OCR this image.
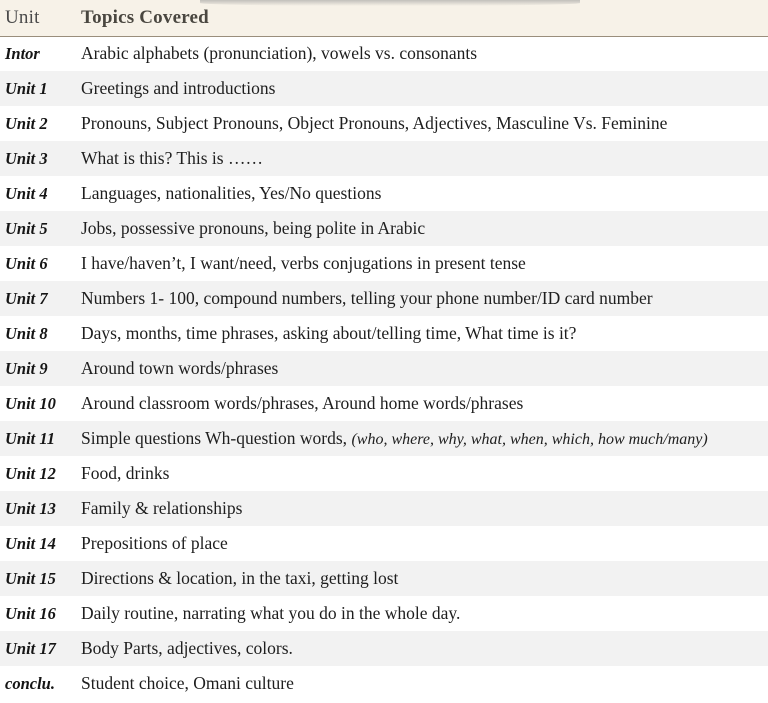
Unit	Topics Covered
Intor	Arabic alphabets (pronunciation), vowels vs. consonants
Unit 1	Greetings and introductions
Unit 2	Pronouns, Subject Pronouns, Object Pronouns, Adjectives, Masculine Vs. Feminine
Unit 3	What is this? This is ……
Unit 4	Languages, nationalities, Yes/No questions
Unit 5	Jobs, possessive pronouns, being polite in Arabic
Unit 6	I have/haven’t, I want/need, verbs conjugations in present tense
Unit 7	Numbers 1- 100, compound numbers, telling your phone number/ID card number
Unit 8	Days, months, time phrases, asking about/telling time, What time is it?
Unit 9	Around town words/phrases
Unit 10	Around classroom words/phrases, Around home words/phrases
Unit 11	Simple questions Wh-question words, (who, where, why, what, when, which, how much/many)
Unit 12	Food, drinks
Unit 13	Family & relationships
Unit 14	Prepositions of place
Unit 15	Directions & location, in the taxi, getting lost
Unit 16	Daily routine, narrating what you do in the whole day.
Unit 17	Body Parts, adjectives, colors.
conclu.	Student choice, Omani culture
